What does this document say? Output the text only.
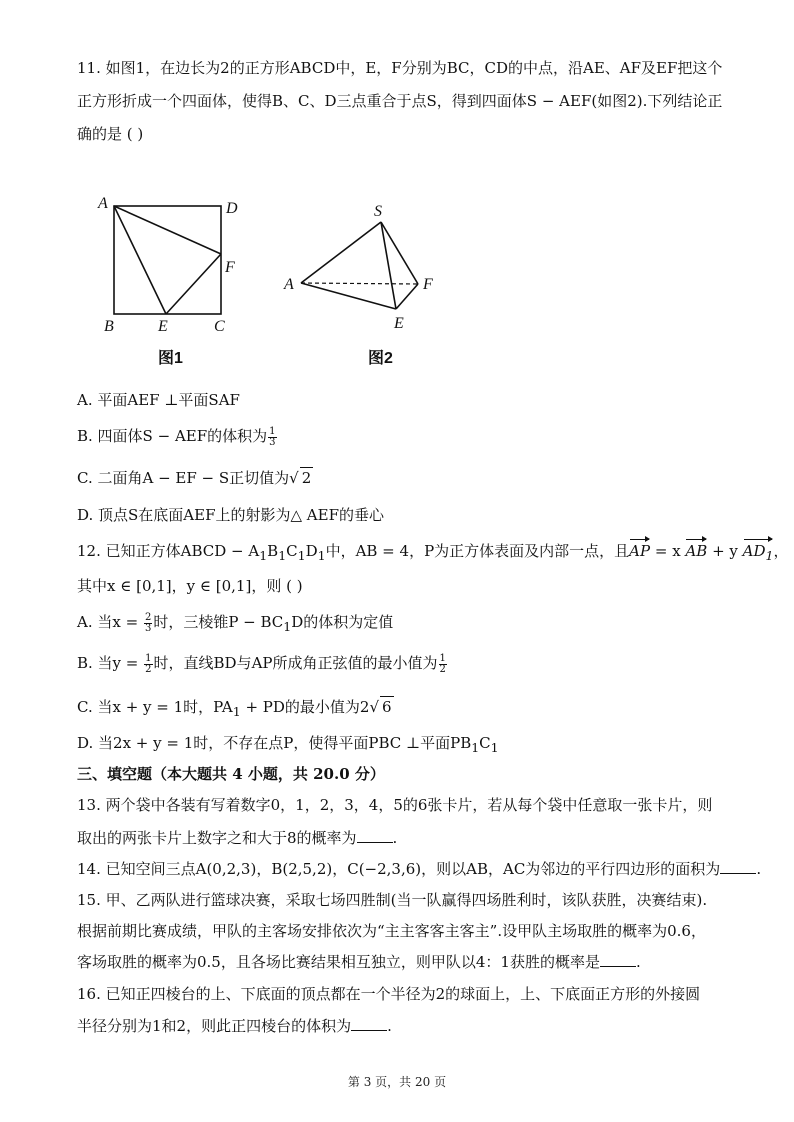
11. 如图1，在边长为2的正方形ABCD中，E，F分别为BC，CD的中点，沿AE、AF及EF把这个
正方形折成一个四面体，使得B、C、D三点重合于点S，得到四面体S − AEF(如图2).下列结论正
确的是 ( )
A	D
F
B	E	C
图1
S
A	F
E
图2
A. 平面AEF ⊥平面SAF
B. 四面体S − AEF的体积为 $\frac{1}{3}$
C. 二面角A − EF − S正切值为√ 2
D. 顶点S在底面AEF上的射影为△ AEF的垂心
12. 已知正方体ABCD − $A_1B_1C_1D_1$中，AB = 4，P为正方体表面及内部一点，且AP = x AB + y $AD_1$，
其中x ∈ [0,1]，y ∈ [0,1]，则 ( )
A. 当$x = \frac{2}{3}$ 时，三棱锥$P - BC_1D$的体积为定值
B. 当$y = \frac{1}{2}$ 时，直线BD与AP所成角正弦值的最小值为 $\frac{1}{2}$
C. 当x + y = 1时，$PA_1$ + PD的最小值为2√ 6
D. 当2x + y = 1时，不存在点P，使得平面PBC ⊥平面$PB_1C_1$
三、填空题（本大题共 4 小题，共 20.0 分）
13. 两个袋中各装有写着数字0，1，2，3，4，5的6张卡片，若从每个袋中任意取一张卡片，则
取出的两张卡片上数字之和大于8的概率为 .
14. 已知空间三点A(0,2,3)，B(2,5,2)，C(−2,3,6)，则以AB，AC为邻边的平行四边形的面积为 .
15. 甲、乙两队进行篮球决赛，采取七场四胜制(当一队赢得四场胜利时，该队获胜，决赛结束).
根据前期比赛成绩，甲队的主客场安排依次为“主主客客主客主”.设甲队主场取胜的概率为0.6，
客场取胜的概率为0.5，且各场比赛结果相互独立，则甲队以4：1获胜的概率是 .
16. 已知正四棱台的上、下底面的顶点都在一个半径为2的球面上，上、下底面正方形的外接圆
半径分别为1和2，则此正四棱台的体积为 .
第 3 页，共 20 页
